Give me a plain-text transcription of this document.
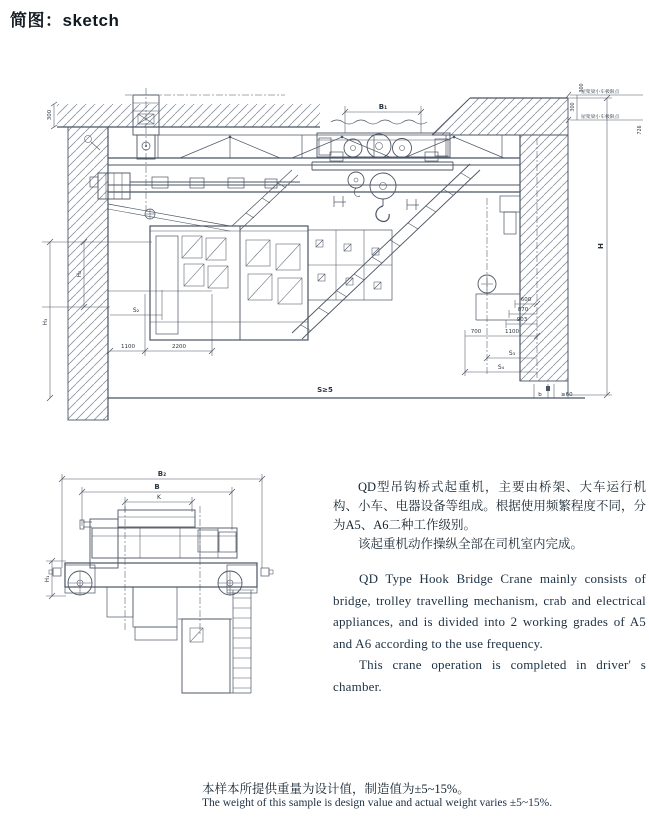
简图：sketch
B₁
300
H₂
H₃
S₂
1100	2200
S≥5
600
870
903
700	1100
S₃
S₄
b	≥60
H
300
300
屋架梁小车极限点
屋架梁小车极限点
726
B₂
B
K
H₁

QD型吊钩桥式起重机，主要由桥架、大车运行机构、小车、电器设备等组成。根据使用频繁程度不同，分为A5、A6二种工作级别。

该起重机动作操纵全部在司机室内完成。

QD Type Hook Bridge Crane mainly consists of bridge, trolley travelling mechanism, crab and electrical appliances, and is divided into 2 working grades of A5 and A6 according to the use frequency.

This crane operation is completed in driver' s chamber.

本样本所提供重量为设计值，制造值为±5~15%。

The weight of this sample is design value and actual weight varies ±5~15%.
